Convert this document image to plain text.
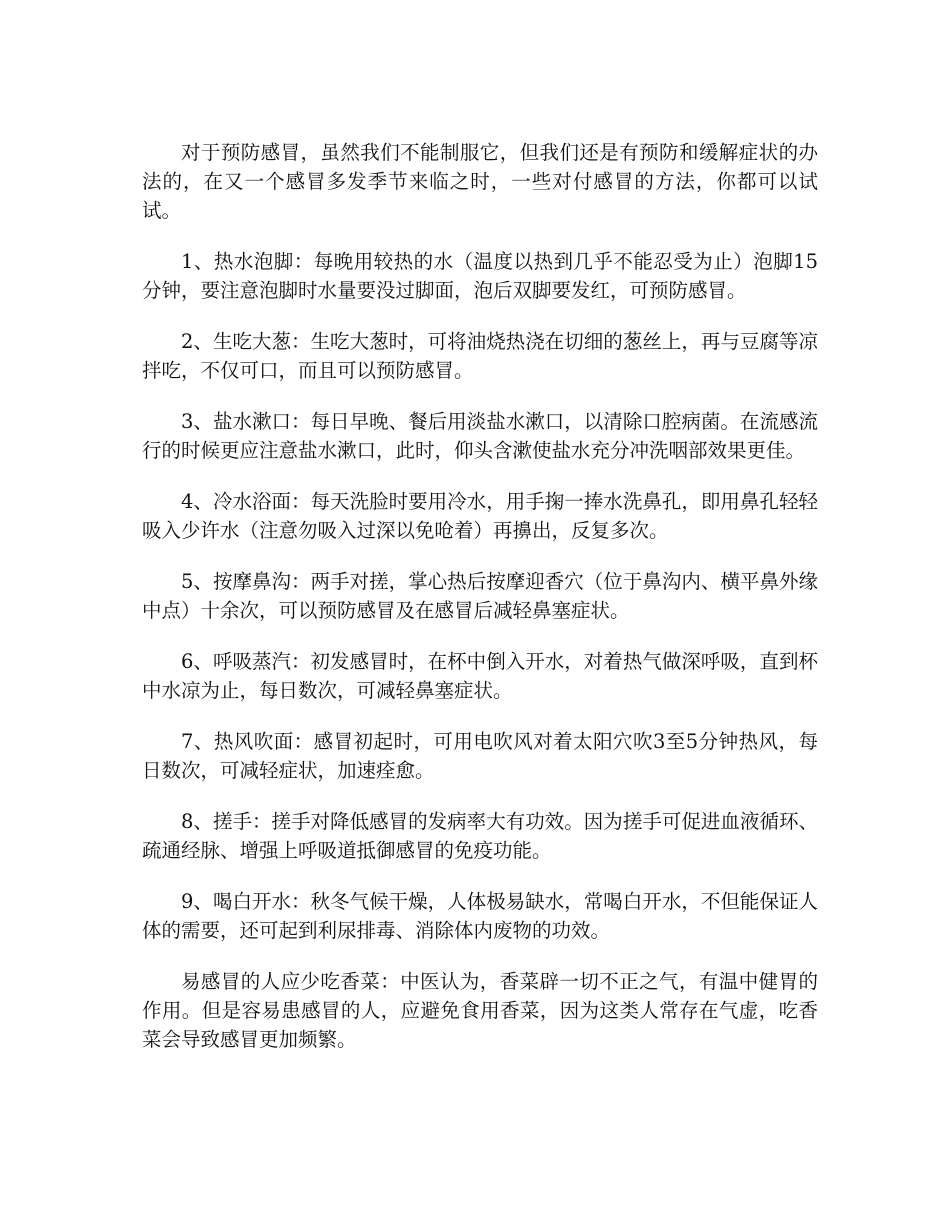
对于预防感冒，虽然我们不能制服它，但我们还是有预防和缓解症状的办法的，在又一个感冒多发季节来临之时，一些对付感冒的方法，你都可以试试。

1、热水泡脚：每晚用较热的水（温度以热到几乎不能忍受为止）泡脚15分钟，要注意泡脚时水量要没过脚面，泡后双脚要发红，可预防感冒。

2、生吃大葱：生吃大葱时，可将油烧热浇在切细的葱丝上，再与豆腐等凉拌吃，不仅可口，而且可以预防感冒。

3、盐水漱口：每日早晚、餐后用淡盐水漱口，以清除口腔病菌。在流感流行的时候更应注意盐水漱口，此时，仰头含漱使盐水充分冲洗咽部效果更佳。

4、冷水浴面：每天洗脸时要用冷水，用手掬一捧水洗鼻孔，即用鼻孔轻轻吸入少许水（注意勿吸入过深以免呛着）再擤出，反复多次。

5、按摩鼻沟：两手对搓，掌心热后按摩迎香穴（位于鼻沟内、横平鼻外缘中点）十余次，可以预防感冒及在感冒后减轻鼻塞症状。

6、呼吸蒸汽：初发感冒时，在杯中倒入开水，对着热气做深呼吸，直到杯中水凉为止，每日数次，可减轻鼻塞症状。

7、热风吹面：感冒初起时，可用电吹风对着太阳穴吹3至5分钟热风，每日数次，可减轻症状，加速痊愈。

8、搓手：搓手对降低感冒的发病率大有功效。因为搓手可促进血液循环、疏通经脉、增强上呼吸道抵御感冒的免疫功能。

9、喝白开水：秋冬气候干燥，人体极易缺水，常喝白开水，不但能保证人体的需要，还可起到利尿排毒、消除体内废物的功效。

易感冒的人应少吃香菜：中医认为，香菜辟一切不正之气，有温中健胃的作用。但是容易患感冒的人，应避免食用香菜，因为这类人常存在气虚，吃香菜会导致感冒更加频繁。
